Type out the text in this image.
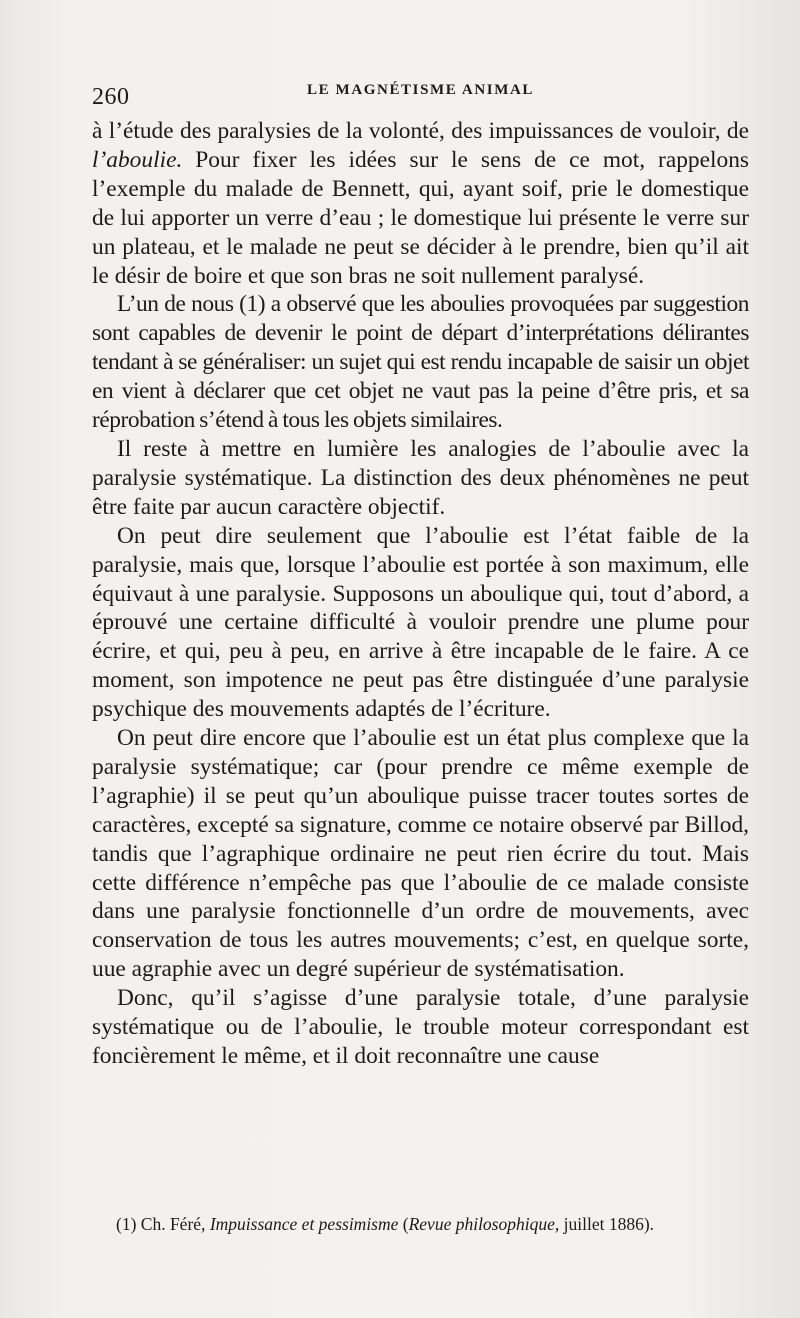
260	LE MAGNÉTISME ANIMAL

à l’étude des paralysies de la volonté, des impuissances de vouloir, de l’aboulie. Pour fixer les idées sur le sens de ce mot, rappelons l’exemple du malade de Bennett, qui, ayant soif, prie le domestique de lui apporter un verre d’eau ; le domestique lui présente le verre sur un plateau, et le malade ne peut se décider à le prendre, bien qu’il ait le désir de boire et que son bras ne soit nullement paralysé.

L’un de nous (1) a observé que les aboulies provoquées par suggestion sont capables de devenir le point de départ d’interprétations délirantes tendant à se généraliser: un sujet qui est rendu incapable de saisir un objet en vient à déclarer que cet objet ne vaut pas la peine d’être pris, et sa réprobation s’étend à tous les objets similaires.

Il reste à mettre en lumière les analogies de l’aboulie avec la paralysie systématique. La distinction des deux phénomènes ne peut être faite par aucun caractère objectif.

On peut dire seulement que l’aboulie est l’état faible de la paralysie, mais que, lorsque l’aboulie est portée à son maximum, elle équivaut à une paralysie. Supposons un aboulique qui, tout d’abord, a éprouvé une certaine difficulté à vouloir prendre une plume pour écrire, et qui, peu à peu, en arrive à être incapable de le faire. A ce moment, son impotence ne peut pas être distinguée d’une paralysie psychique des mouvements adaptés de l’écriture.

On peut dire encore que l’aboulie est un état plus complexe que la paralysie systématique; car (pour prendre ce même exemple de l’agraphie) il se peut qu’un aboulique puisse tracer toutes sortes de caractères, excepté sa signature, comme ce notaire observé par Billod, tandis que l’agraphique ordinaire ne peut rien écrire du tout. Mais cette différence n’empêche pas que l’aboulie de ce malade consiste dans une paralysie fonctionnelle d’un ordre de mouvements, avec conservation de tous les autres mouvements; c’est, en quelque sorte, uue agraphie avec un degré supérieur de systématisation.

Donc, qu’il s’agisse d’une paralysie totale, d’une paralysie systématique ou de l’aboulie, le trouble moteur correspondant est foncièrement le même, et il doit reconnaître une cause

(1) Ch. Féré, Impuissance et pessimisme (Revue philosophique, juillet 1886).
